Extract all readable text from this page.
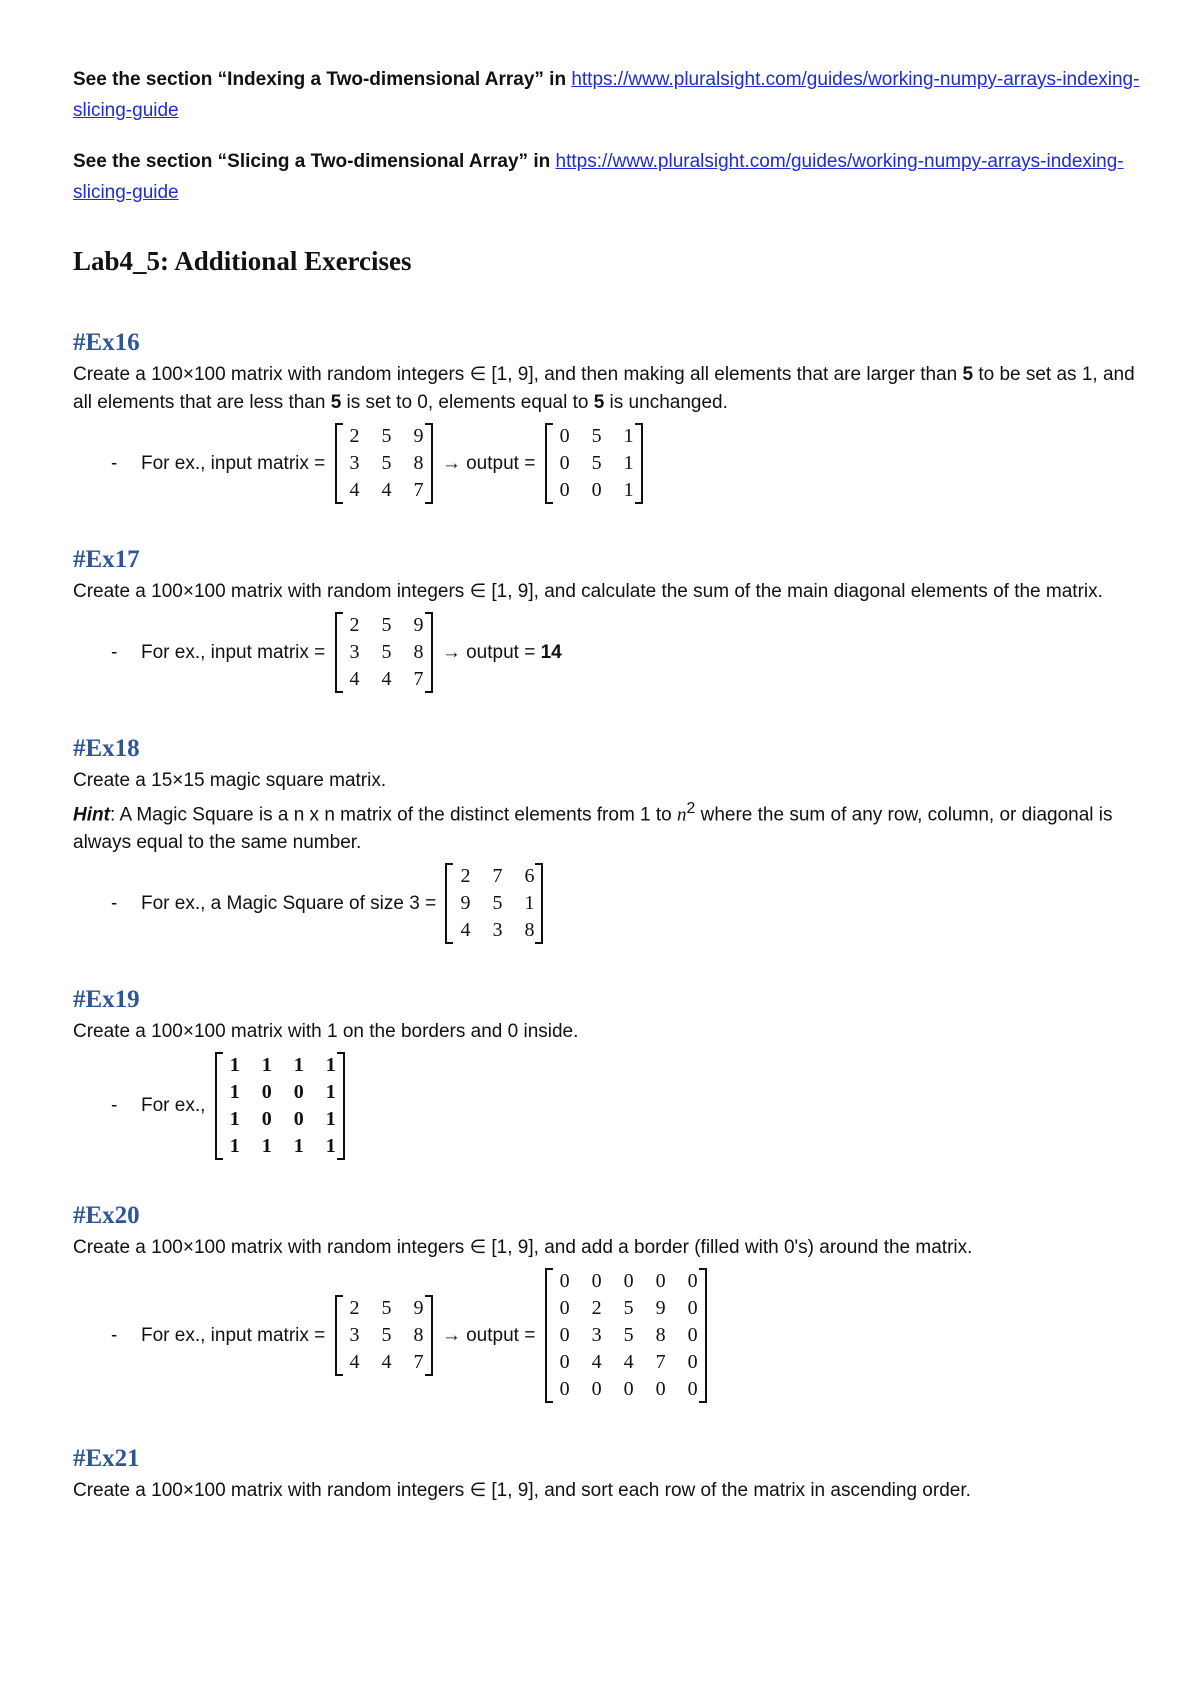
See the section “Indexing a Two-dimensional Array” in https://www.pluralsight.com/guides/working-numpy-arrays-indexing-slicing-guide

See the section “Slicing a Two-dimensional Array” in https://www.pluralsight.com/guides/working-numpy-arrays-indexing-slicing-guide

Lab4_5: Additional Exercises
#Ex16
Create a 100×100 matrix with random integers ∈ [1, 9], and then making all elements that are larger than 5 to be set as 1, and all elements that are less than 5 is set to 0, elements equal to 5 is unchanged.
-	For ex., input matrix =
2	5	9
3	5	8
4	4	7
→ output =
0	5	1
0	5	1
0	0	1
#Ex17
Create a 100×100 matrix with random integers ∈ [1, 9], and calculate the sum of the main diagonal elements of the matrix.
-	For ex., input matrix =
2	5	9
3	5	8
4	4	7
→ output = 14
#Ex18
Create a 15×15 magic square matrix.
Hint: A Magic Square is a n x n matrix of the distinct elements from 1 to $n^2$ where the sum of any row, column, or diagonal is always equal to the same number.
-	For ex., a Magic Square of size 3 =
2	7	6
9	5	1
4	3	8
#Ex19
Create a 100×100 matrix with 1 on the borders and 0 inside.
-	For ex.,
1	1	1	1
1	0	0	1
1	0	0	1
1	1	1	1
#Ex20
Create a 100×100 matrix with random integers ∈ [1, 9], and add a border (filled with 0's) around the matrix.
-	For ex., input matrix =
2	5	9
3	5	8
4	4	7
→ output =
0	0	0	0	0
0	2	5	9	0
0	3	5	8	0
0	4	4	7	0
0	0	0	0	0
#Ex21
Create a 100×100 matrix with random integers ∈ [1, 9], and sort each row of the matrix in ascending order.
